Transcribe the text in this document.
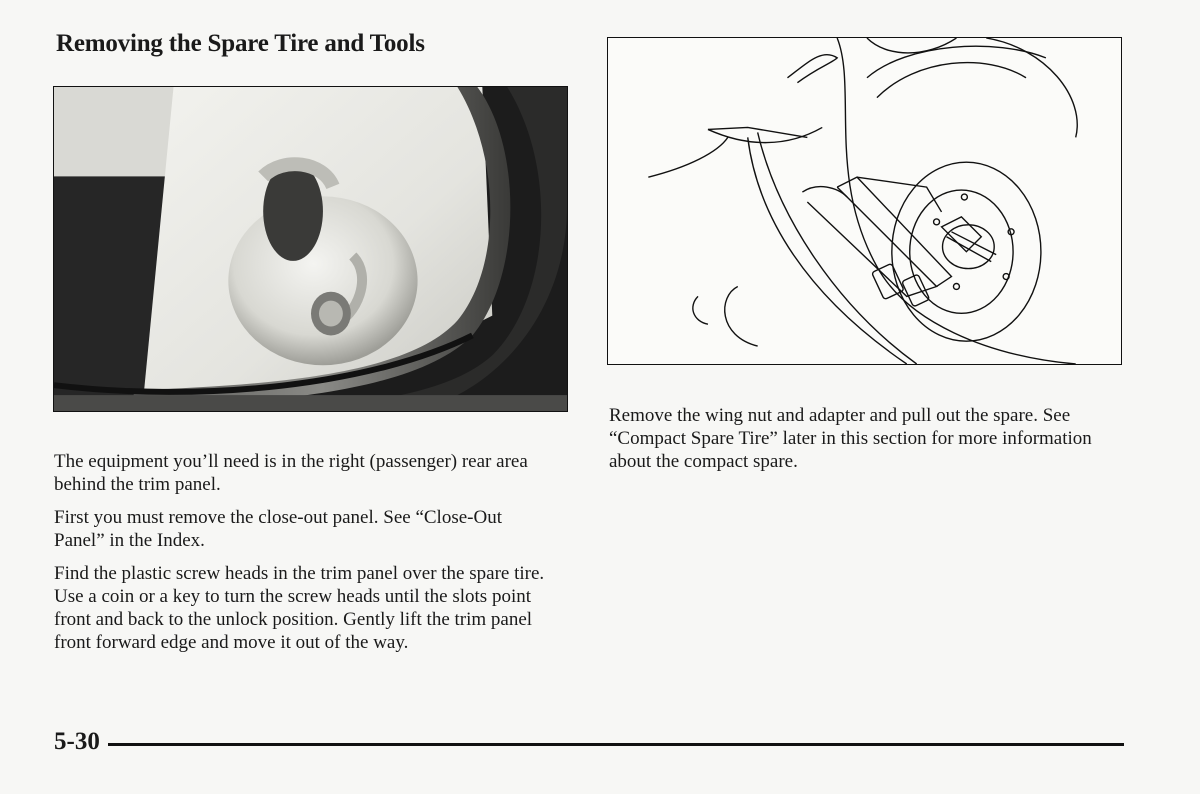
Removing the Spare Tire and Tools

The equipment you’ll need is in the right (passenger) rear area behind the trim panel.

First you must remove the close-out panel. See “Close-Out Panel” in the Index.

Find the plastic screw heads in the trim panel over the spare tire. Use a coin or a key to turn the screw heads until the slots point front and back to the unlock position. Gently lift the trim panel front forward edge and move it out of the way.

Remove the wing nut and adapter and pull out the spare. See “Compact Spare Tire” later in this section for more information about the compact spare.

5-30
